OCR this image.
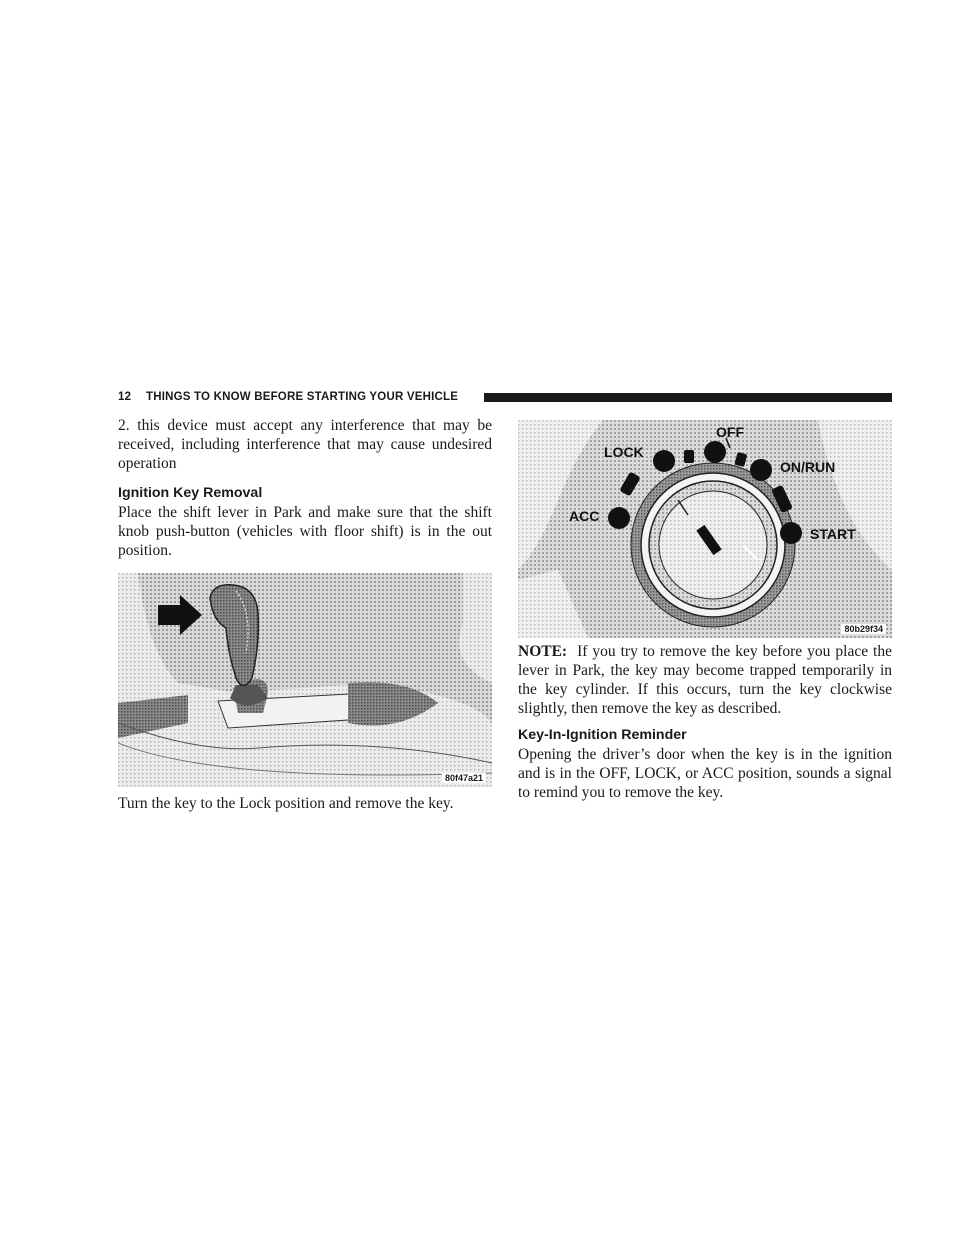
12 THINGS TO KNOW BEFORE STARTING YOUR VEHICLE

2. this device must accept any interference that may be received, including interference that may cause undesired operation

Ignition Key Removal

Place the shift lever in Park and make sure that the shift knob push-button (vehicles with floor shift) is in the out position.

80f47a21

Turn the key to the Lock position and remove the key.

OFF
LOCK
ON/RUN
ACC
START
80b29f34

NOTE: If you try to remove the key before you place the lever in Park, the key may become trapped temporarily in the key cylinder. If this occurs, turn the key clockwise slightly, then remove the key as described.

Key-In-Ignition Reminder

Opening the driver’s door when the key is in the ignition and is in the OFF, LOCK, or ACC position, sounds a signal to remind you to remove the key.
